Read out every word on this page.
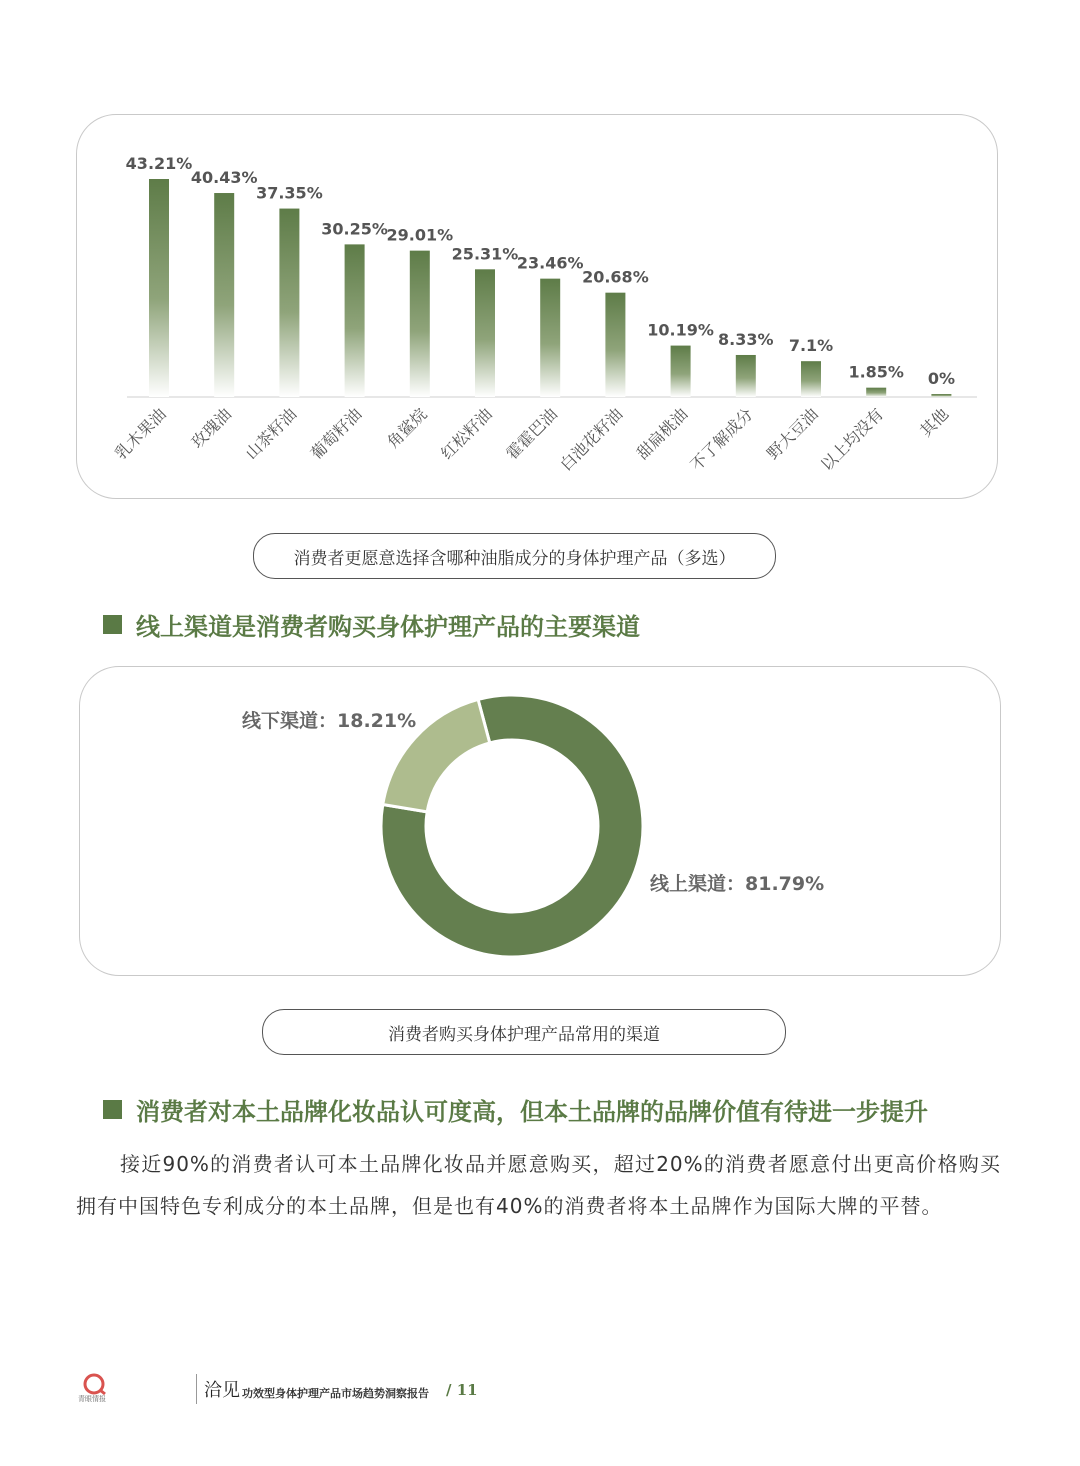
43.21%
乳木果油
40.43%
玫瑰油
37.35%
山茶籽油
30.25%
葡萄籽油
29.01%
角鲨烷
25.31%
红松籽油
23.46%
霍霍巴油
20.68%
白池花籽油
10.19%
甜扁桃油
8.33%
不了解成分
7.1%
野大豆油
1.85%
以上均没有
0%
其他
消费者更愿意选择含哪种油脂成分的身体护理产品（多选）
线上渠道是消费者购买身体护理产品的主要渠道
线下渠道：18.21%
线上渠道：81.79%
消费者购买身体护理产品常用的渠道
消费者对本土品牌化妆品认可度高，但本土品牌的品牌价值有待进一步提升
接近90%的消费者认可本土品牌化妆品并愿意购买，超过20%的消费者愿意付出更高价格购买拥有中国特色专利成分的本土品牌，但是也有40%的消费者将本土品牌作为国际大牌的平替。
青眼情报	洽见 功效型身体护理产品市场趋势洞察报告 / 11
